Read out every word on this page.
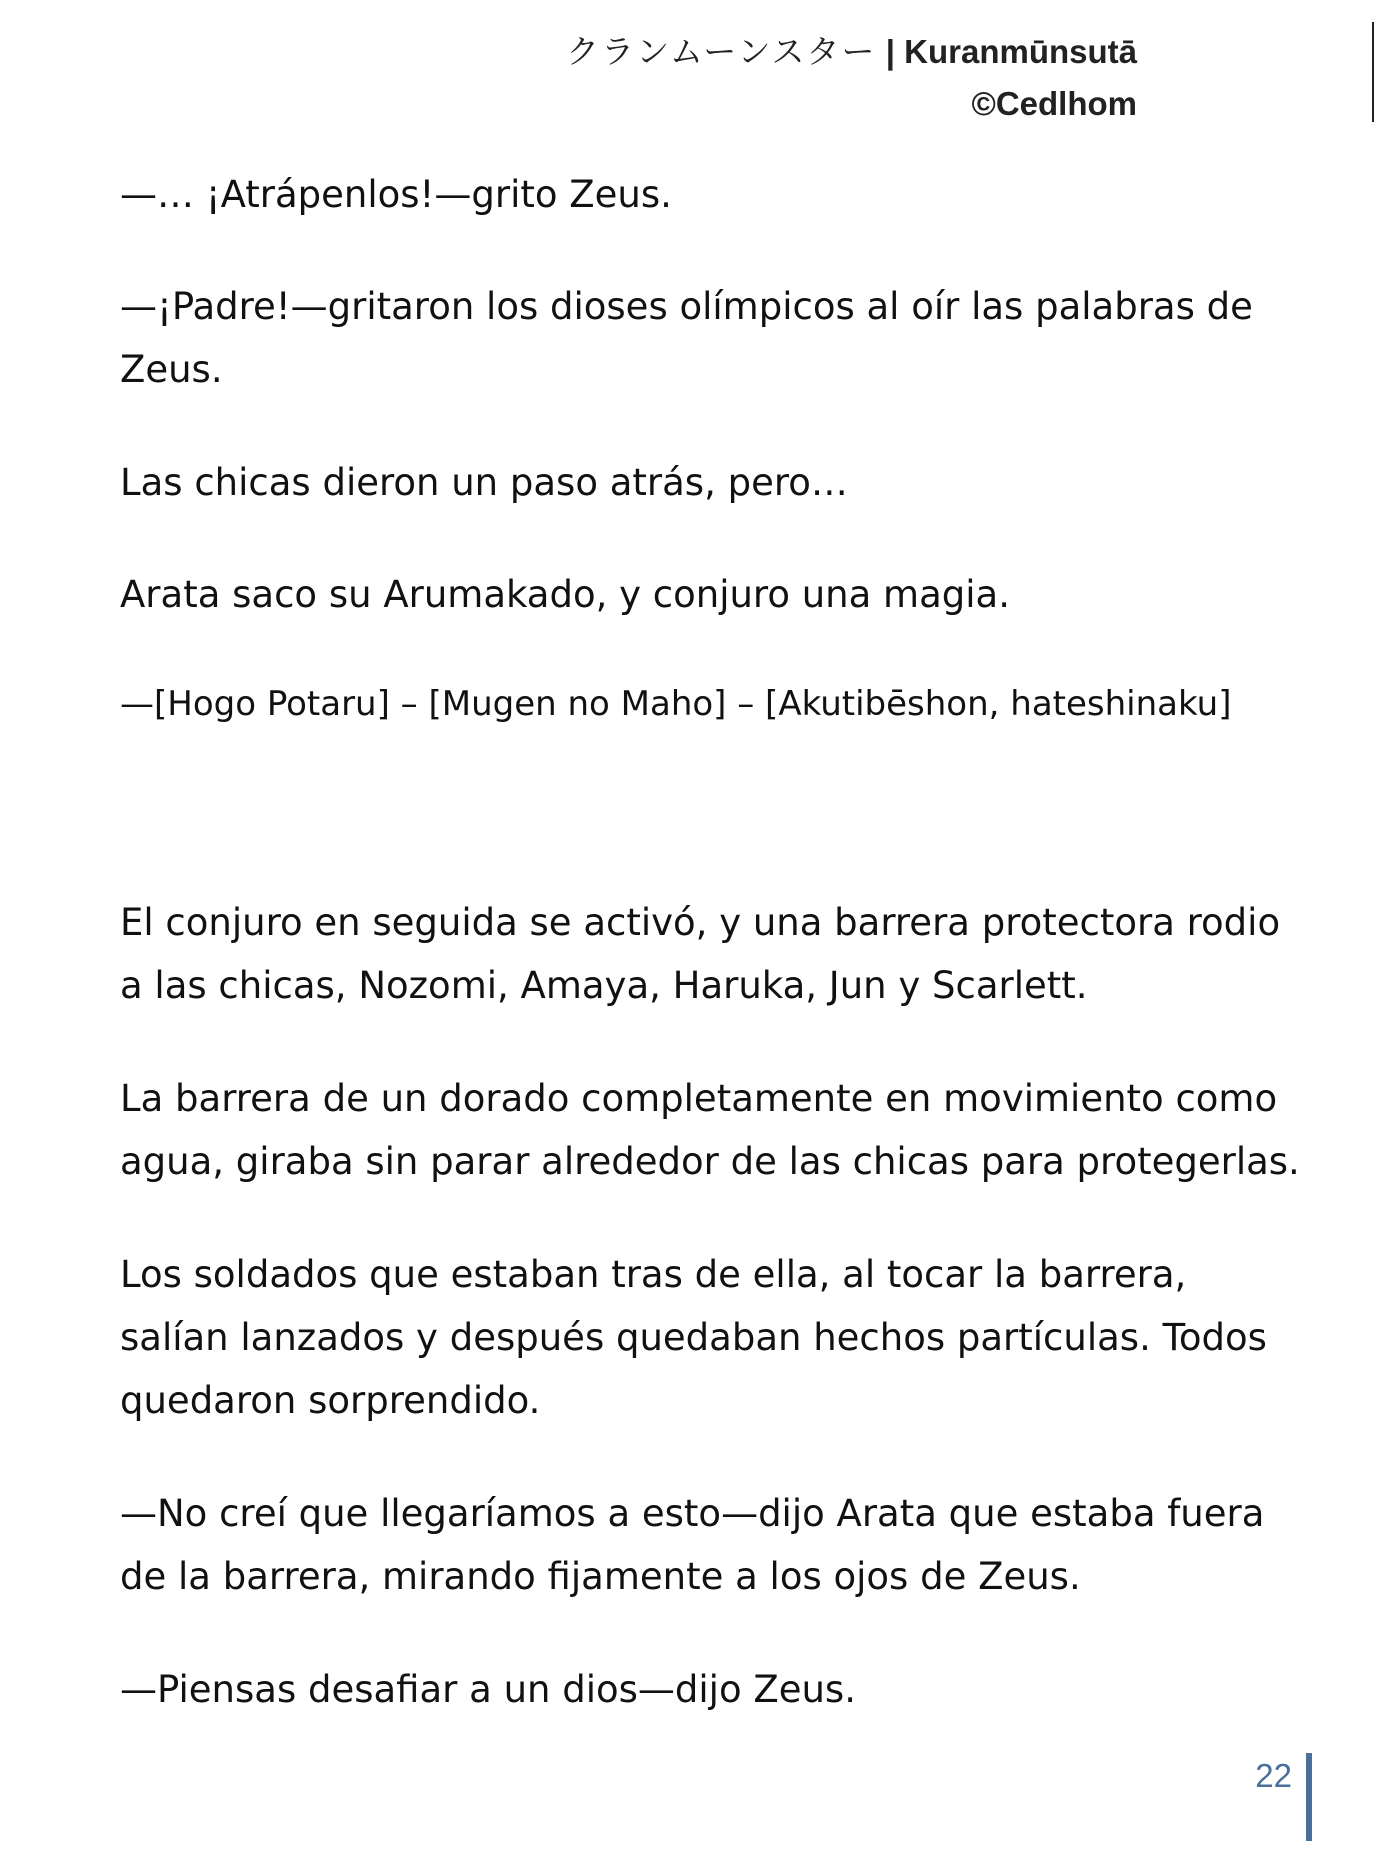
クランムーンスター | Kuranmūnsutā
©Cedlhom

—… ¡Atrápenlos!—grito Zeus.

—¡Padre!—gritaron los dioses olímpicos al oír las palabras de
Zeus.

Las chicas dieron un paso atrás, pero…

Arata saco su Arumakado, y conjuro una magia.

—[Hogo Potaru] – [Mugen no Maho] – [Akutibēshon, hateshinaku]

El conjuro en seguida se activó, y una barrera protectora rodio
a las chicas, Nozomi, Amaya, Haruka, Jun y Scarlett.

La barrera de un dorado completamente en movimiento como
agua, giraba sin parar alrededor de las chicas para protegerlas.

Los soldados que estaban tras de ella, al tocar la barrera,
salían lanzados y después quedaban hechos partículas. Todos
quedaron sorprendido.

—No creí que llegaríamos a esto—dijo Arata que estaba fuera
de la barrera, mirando fijamente a los ojos de Zeus.

—Piensas desafiar a un dios—dijo Zeus.

22
